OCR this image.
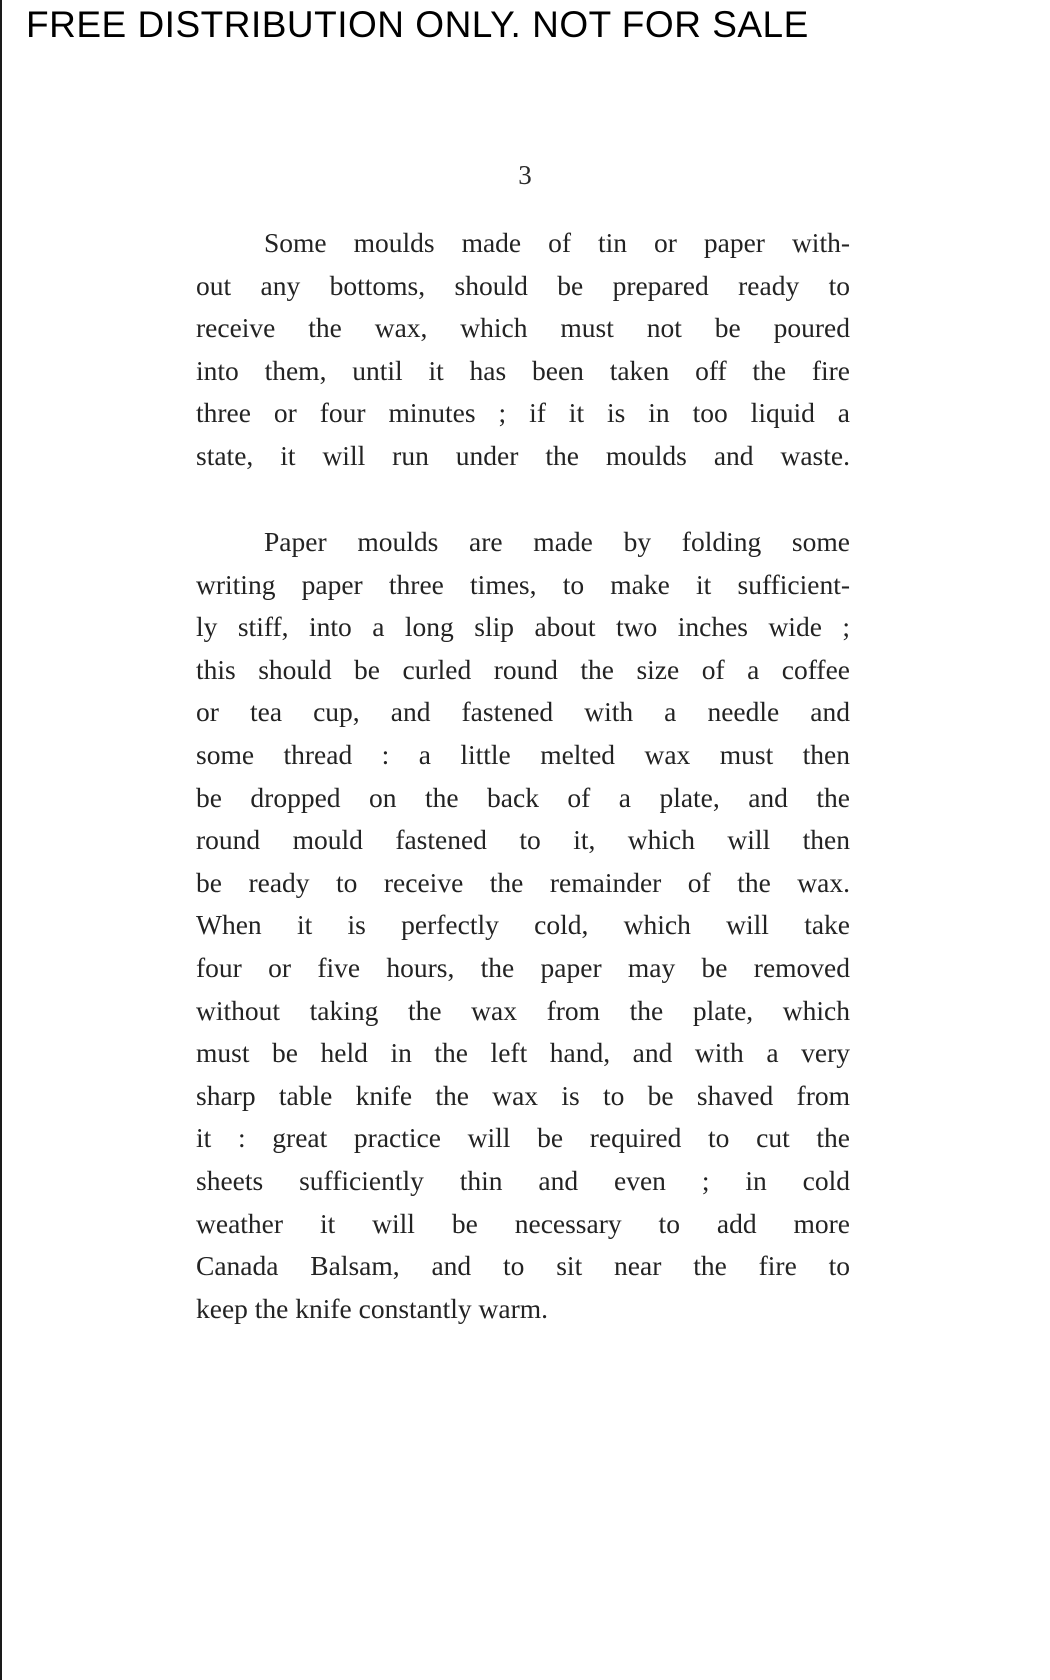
FREE DISTRIBUTION ONLY. NOT FOR SALE
3
Some moulds made of tin or paper with-
out any bottoms, should be prepared ready to
receive the wax, which must not be poured
into them, until it has been taken off the fire
three or four minutes ; if it is in too liquid a
state, it will run under the moulds and waste.
Paper moulds are made by folding some
writing paper three times, to make it sufficient-
ly stiff, into a long slip about two inches wide ;
this should be curled round the size of a coffee
or tea cup, and fastened with a needle and
some thread : a little melted wax must then
be dropped on the back of a plate, and the
round mould fastened to it, which will then
be ready to receive the remainder of the wax.
When it is perfectly cold, which will take
four or five hours, the paper may be removed
without taking the wax from the plate, which
must be held in the left hand, and with a very
sharp table knife the wax is to be shaved from
it : great practice will be required to cut the
sheets sufficiently thin and even ; in cold
weather it will be necessary to add more
Canada Balsam, and to sit near the fire to
keep the knife constantly warm.
